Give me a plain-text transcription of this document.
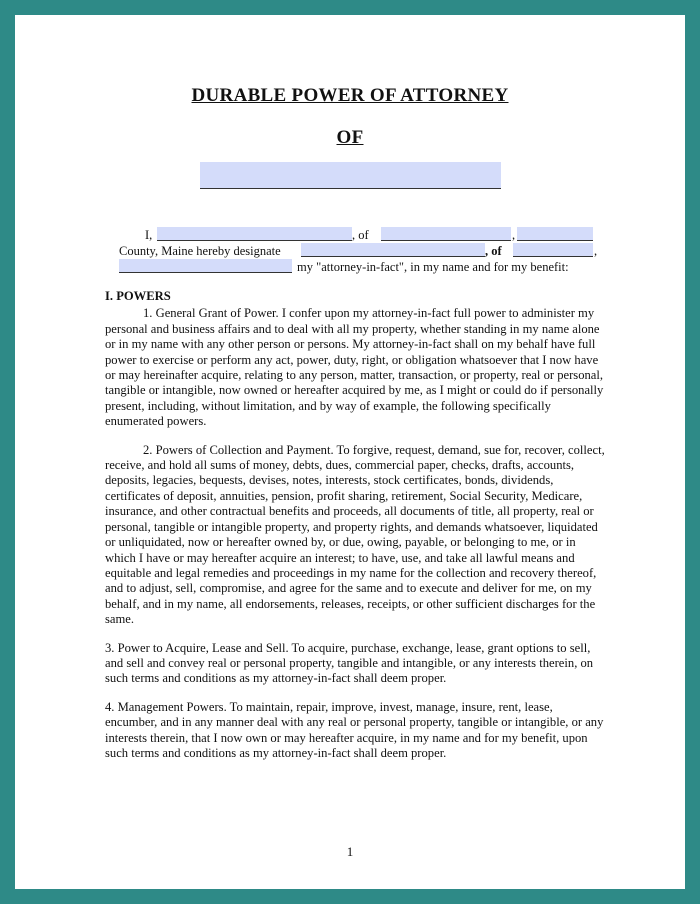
DURABLE POWER OF ATTORNEY
OF
I,	, of	,
County, Maine hereby designate	, of	,
my "attorney-in-fact", in my name and for my benefit:
I. POWERS

1. General Grant of Power. I confer upon my attorney-in-fact full power to administer my personal and business affairs and to deal with all my property, whether standing in my name alone or in my name with any other person or persons. My attorney-in-fact shall on my behalf have full power to exercise or perform any act, power, duty, right, or obligation whatsoever that I now have or may hereinafter acquire, relating to any person, matter, transaction, or property, real or personal, tangible or intangible, now owned or hereafter acquired by me, as I might or could do if personally present, including, without limitation, and by way of example, the following specifically enumerated powers.

2. Powers of Collection and Payment. To forgive, request, demand, sue for, recover, collect, receive, and hold all sums of money, debts, dues, commercial paper, checks, drafts, accounts, deposits, legacies, bequests, devises, notes, interests, stock certificates, bonds, dividends, certificates of deposit, annuities, pension, profit sharing, retirement, Social Security, Medicare, insurance, and other contractual benefits and proceeds, all documents of title, all property, real or personal, tangible or intangible property, and property rights, and demands whatsoever, liquidated or unliquidated, now or hereafter owned by, or due, owing, payable, or belonging to me, or in which I have or may hereafter acquire an interest; to have, use, and take all lawful means and equitable and legal remedies and proceedings in my name for the collection and recovery thereof, and to adjust, sell, compromise, and agree for the same and to execute and deliver for me, on my behalf, and in my name, all endorsements, releases, receipts, or other sufficient discharges for the same.

3. Power to Acquire, Lease and Sell. To acquire, purchase, exchange, lease, grant options to sell, and sell and convey real or personal property, tangible and intangible, or any interests therein, on such terms and conditions as my attorney-in-fact shall deem proper.

4. Management Powers. To maintain, repair, improve, invest, manage, insure, rent, lease, encumber, and in any manner deal with any real or personal property, tangible or intangible, or any interests therein, that I now own or may hereafter acquire, in my name and for my benefit, upon such terms and conditions as my attorney-in-fact shall deem proper.

1
